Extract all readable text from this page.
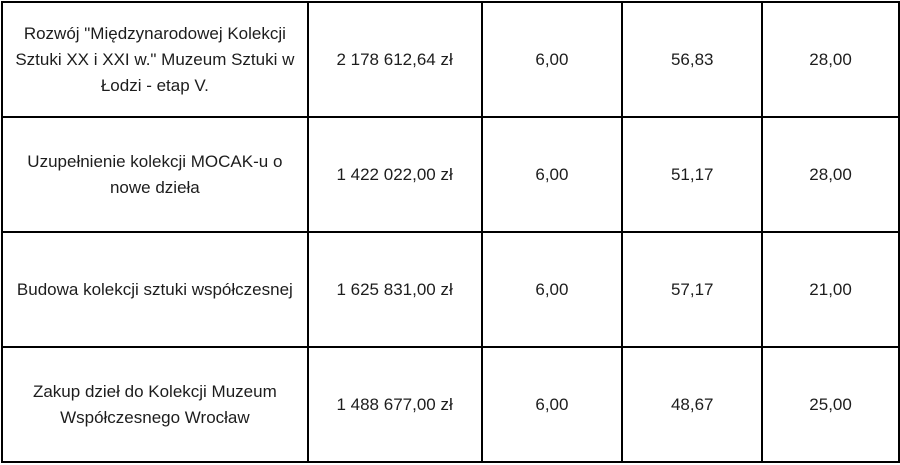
Rozwój "Międzynarodowej Kolekcji Sztuki XX i XXI w." Muzeum Sztuki w Łodzi - etap V.	2 178 612,64 zł	6,00	56,83	28,00
Uzupełnienie kolekcji MOCAK-u o nowe dzieła	1 422 022,00 zł	6,00	51,17	28,00
Budowa kolekcji sztuki współczesnej	1 625 831,00 zł	6,00	57,17	21,00
Zakup dzieł do Kolekcji Muzeum Współczesnego Wrocław	1 488 677,00 zł	6,00	48,67	25,00
